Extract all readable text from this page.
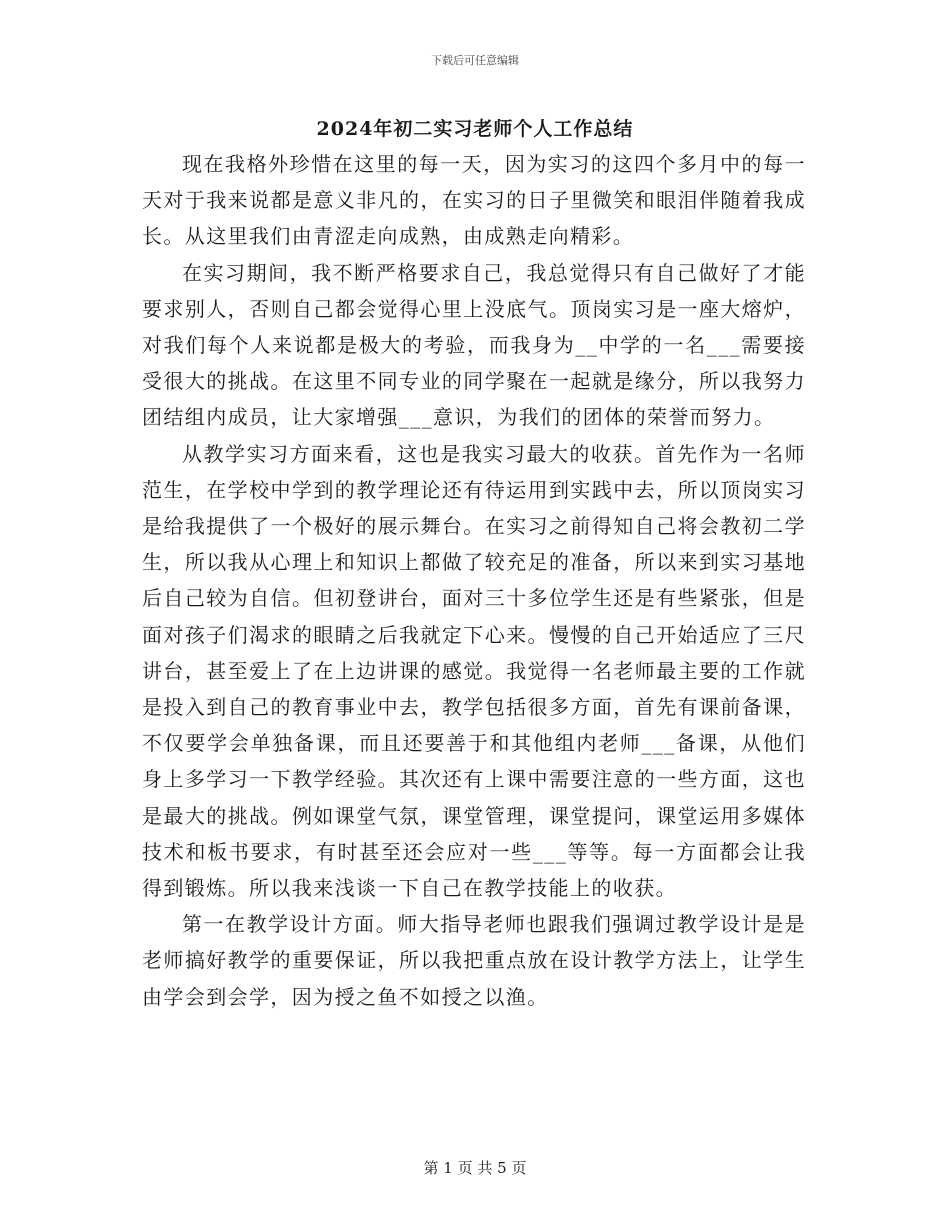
下载后可任意编辑
2024年初二实习老师个人工作总结

现在我格外珍惜在这里的每一天，因为实习的这四个多月中的每一天对于我来说都是意义非凡的，在实习的日子里微笑和眼泪伴随着我成长。从这里我们由青涩走向成熟，由成熟走向精彩。

在实习期间，我不断严格要求自己，我总觉得只有自己做好了才能要求别人，否则自己都会觉得心里上没底气。顶岗实习是一座大熔炉，对我们每个人来说都是极大的考验，而我身为__中学的一名___需要接受很大的挑战。在这里不同专业的同学聚在一起就是缘分，所以我努力团结组内成员，让大家增强___意识，为我们的团体的荣誉而努力。

从教学实习方面来看，这也是我实习最大的收获。首先作为一名师范生，在学校中学到的教学理论还有待运用到实践中去，所以顶岗实习是给我提供了一个极好的展示舞台。在实习之前得知自己将会教初二学生，所以我从心理上和知识上都做了较充足的准备，所以来到实习基地后自己较为自信。但初登讲台，面对三十多位学生还是有些紧张，但是面对孩子们渴求的眼睛之后我就定下心来。慢慢的自己开始适应了三尺讲台，甚至爱上了在上边讲课的感觉。我觉得一名老师最主要的工作就是投入到自己的教育事业中去，教学包括很多方面，首先有课前备课，不仅要学会单独备课，而且还要善于和其他组内老师___备课，从他们身上多学习一下教学经验。其次还有上课中需要注意的一些方面，这也是最大的挑战。例如课堂气氛，课堂管理，课堂提问，课堂运用多媒体技术和板书要求，有时甚至还会应对一些___等等。每一方面都会让我得到锻炼。所以我来浅谈一下自己在教学技能上的收获。

第一在教学设计方面。师大指导老师也跟我们强调过教学设计是是老师搞好教学的重要保证，所以我把重点放在设计教学方法上，让学生由学会到会学，因为授之鱼不如授之以渔。

第 1 页 共 5 页
